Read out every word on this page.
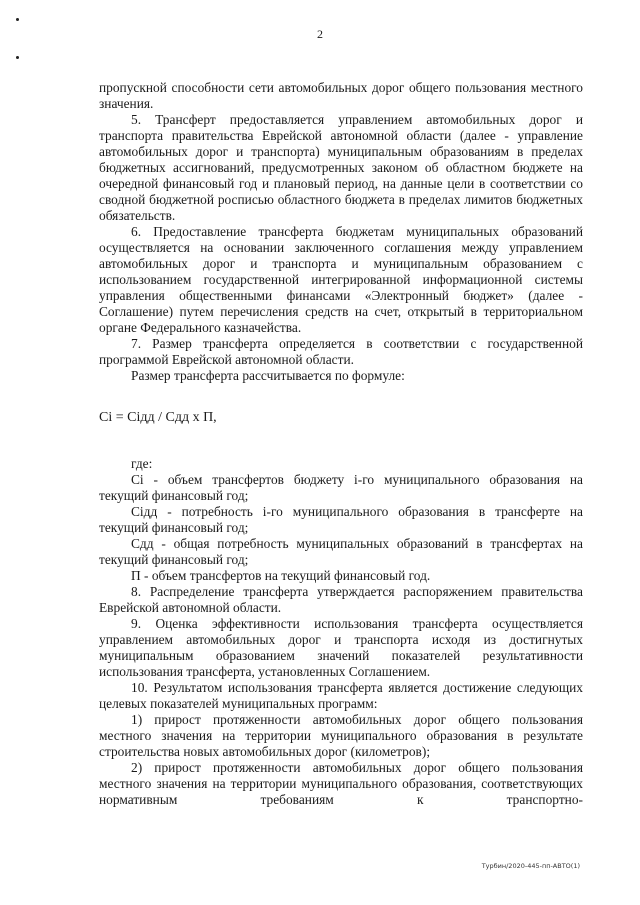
2

пропускной способности сети автомобильных дорог общего пользования местного значения.

5. Трансферт предоставляется управлением автомобильных дорог и транспорта правительства Еврейской автономной области (далее - управление автомобильных дорог и транспорта) муниципальным образованиям в пределах бюджетных ассигнований, предусмотренных законом об областном бюджете на очередной финансовый год и плановый период, на данные цели в соответствии со сводной бюджетной росписью областного бюджета в пределах лимитов бюджетных обязательств.

6. Предоставление трансферта бюджетам муниципальных образований осуществляется на основании заключенного соглашения между управлением автомобильных дорог и транспорта и муниципальным образованием с использованием государственной интегрированной информационной системы управления общественными финансами «Электронный бюджет» (далее - Соглашение) путем перечисления средств на счет, открытый в территориальном органе Федерального казначейства.

7. Размер трансферта определяется в соответствии с государственной программой Еврейской автономной области.

Размер трансферта рассчитывается по формуле:

Сi = Сiдд / Сдд х П,

где:

Сi - объем трансфертов бюджету i-го муниципального образования на текущий финансовый год;

Сiдд - потребность i-го муниципального образования в трансферте на текущий финансовый год;

Сдд - общая потребность муниципальных образований в трансфертах на текущий финансовый год;

П - объем трансфертов на текущий финансовый год.

8. Распределение трансферта утверждается распоряжением правительства Еврейской автономной области.

9. Оценка эффективности использования трансферта осуществляется управлением автомобильных дорог и транспорта исходя из достигнутых муниципальным образованием значений показателей результативности использования трансферта, установленных Соглашением.

10. Результатом использования трансферта является достижение следующих целевых показателей муниципальных программ:

1) прирост протяженности автомобильных дорог общего пользования местного значения на территории муниципального образования в результате строительства новых автомобильных дорог (километров);

2) прирост протяженности автомобильных дорог общего пользования местного значения на территории муниципального образования, соответствующих нормативным требованиям к транспортно-

Турбин/2020-445-пп-АВТО(1)
